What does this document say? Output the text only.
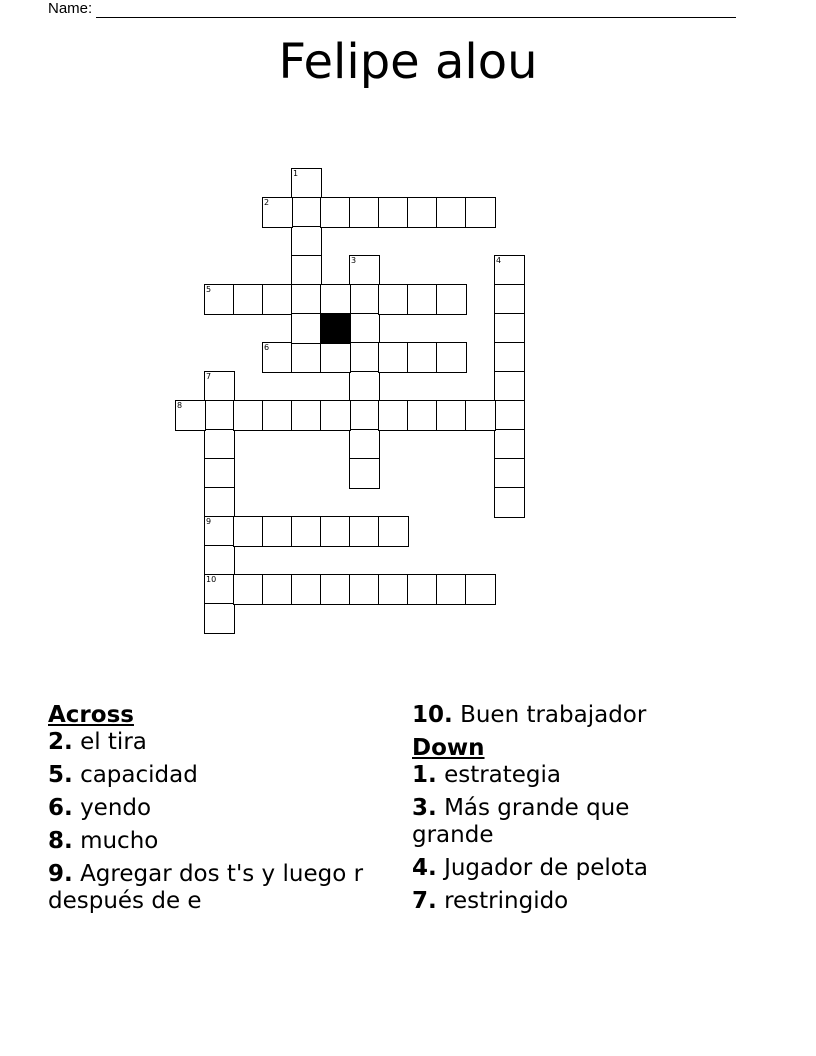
Name:
Felipe alou
1
2
3	4
5
6
7
9
10
8
Across
2. el tira
5. capacidad
6. yendo
8. mucho
9. Agregar dos t's y luego r después de e
10. Buen trabajador
Down
1. estrategia
3. Más grande que grande
4. Jugador de pelota
7. restringido
